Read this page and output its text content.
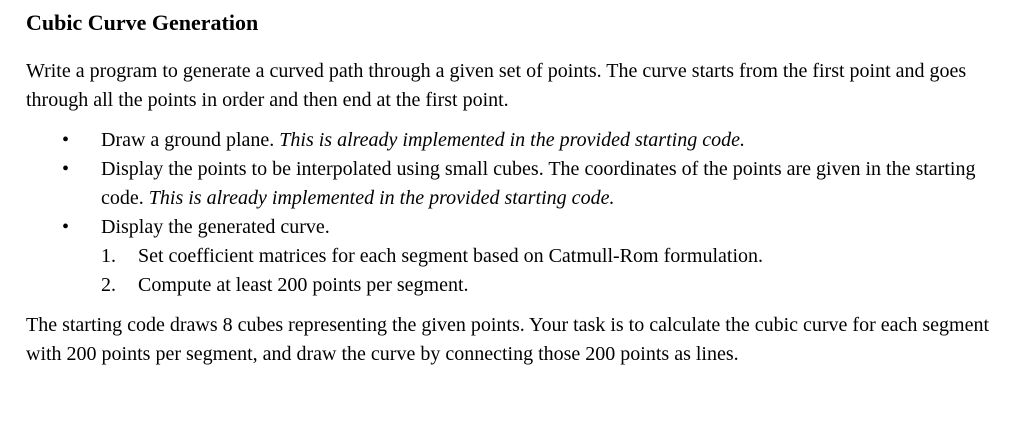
Cubic Curve Generation

Write a program to generate a curved path through a given set of points. The curve starts from the first point and goes through all the points in order and then end at the first point.

• Draw a ground plane. This is already implemented in the provided starting code.
• Display the points to be interpolated using small cubes. The coordinates of the points are given in the starting code. This is already implemented in the provided starting code.
• Display the generated curve.
1. Set coefficient matrices for each segment based on Catmull-Rom formulation.
2. Compute at least 200 points per segment.

The starting code draws 8 cubes representing the given points. Your task is to calculate the cubic curve for each segment with 200 points per segment, and draw the curve by connecting those 200 points as lines.
